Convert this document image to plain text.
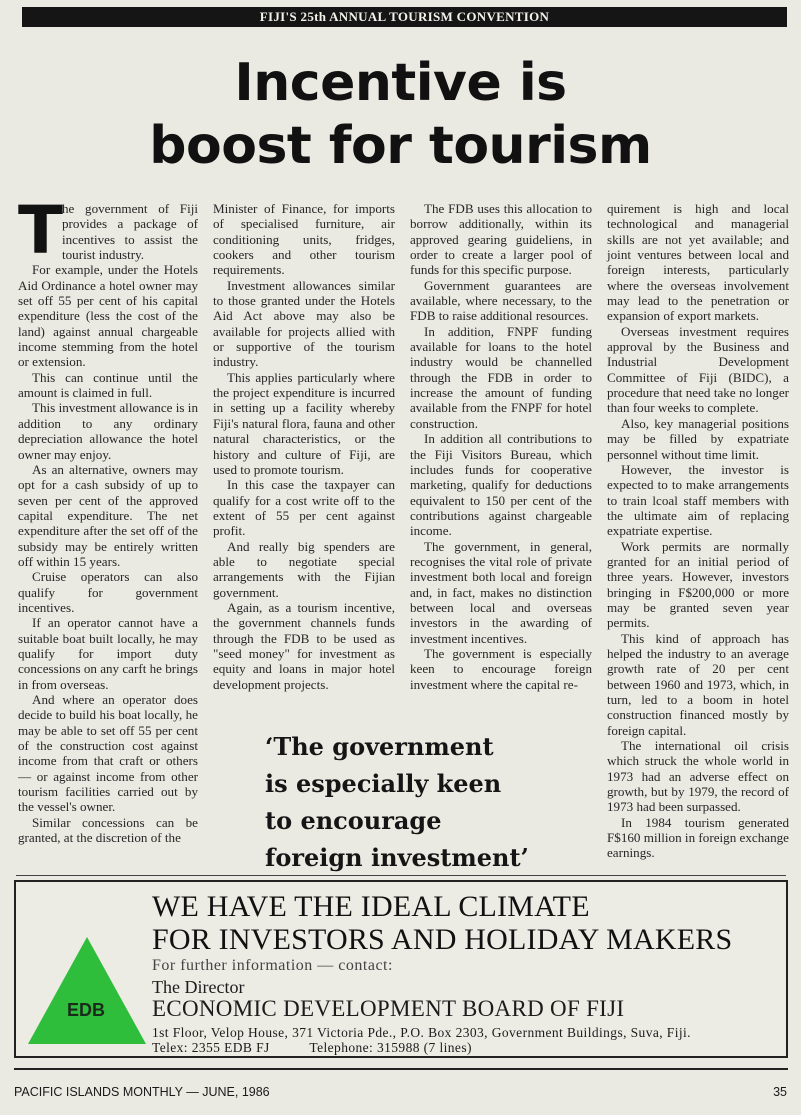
FIJI'S 25th ANNUAL TOURISM CONVENTION
Incentive is
boost for tourism
T

he government of Fiji provides a package of incentives to assist the tourist industry.

For example, under the Hotels Aid Ordinance a hotel owner may set off 55 per cent of his capital expenditure (less the cost of the land) against annual chargeable income stemming from the hotel or extension.

This can continue until the amount is claimed in full.

This investment allowance is in addition to any ordinary depreciation allowance the hotel owner may enjoy.

As an alternative, owners may opt for a cash subsidy of up to seven per cent of the approved capital expenditure. The net expenditure after the set off of the subsidy may be entirely written off within 15 years.

Cruise operators can also qualify for government incentives.

If an operator cannot have a suitable boat built locally, he may qualify for import duty concessions on any carft he brings in from overseas.

And where an operator does decide to build his boat locally, he may be able to set off 55 per cent of the construction cost against income from that craft or others — or against income from other tourism facilities carried out by the vessel's owner.

Similar concessions can be granted, at the discretion of the

Minister of Finance, for imports of specialised furniture, air conditioning units, fridges, cookers and other tourism requirements.

Investment allowances similar to those granted under the Hotels Aid Act above may also be available for projects allied with or supportive of the tourism industry.

This applies particularly where the project expenditure is incurred in setting up a facility whereby Fiji's natural flora, fauna and other natural characteristics, or the history and culture of Fiji, are used to promote tourism.

In this case the taxpayer can qualify for a cost write off to the extent of 55 per cent against profit.

And really big spenders are able to negotiate special arrangements with the Fijian government.

Again, as a tourism incentive, the government channels funds through the FDB to be used as "seed money" for investment as equity and loans in major hotel development projects.

The FDB uses this allocation to borrow additionally, within its approved gearing guideliens, in order to create a larger pool of funds for this specific purpose.

Government guarantees are available, where necessary, to the FDB to raise additional resources.

In addition, FNPF funding available for loans to the hotel industry would be channelled through the FDB in order to increase the amount of funding available from the FNPF for hotel construction.

In addition all contributions to the Fiji Visitors Bureau, which includes funds for cooperative marketing, qualify for deductions equivalent to 150 per cent of the contributions against chargeable income.

The government, in general, recognises the vital role of private investment both local and foreign and, in fact, makes no distinction between local and overseas investors in the awarding of investment incentives.

The government is especially keen to encourage foreign investment where the capital re-

quirement is high and local technological and managerial skills are not yet available; and joint ventures between local and foreign interests, particularly where the overseas involvement may lead to the penetration or expansion of export markets.

Overseas investment requires approval by the Business and Industrial Development Committee of Fiji (BIDC), a procedure that need take no longer than four weeks to complete.

Also, key managerial positions may be filled by expatriate personnel without time limit.

However, the investor is expected to to make arrangements to train lcoal staff members with the ultimate aim of replacing expatriate expertise.

Work permits are normally granted for an initial period of three years. However, investors bringing in F$200,000 or more may be granted seven year permits.

This kind of approach has helped the industry to an average growth rate of 20 per cent between 1960 and 1973, which, in turn, led to a boom in hotel construction financed mostly by foreign capital.

The international oil crisis which struck the whole world in 1973 had an adverse effect on growth, but by 1979, the record of 1973 had been surpassed.

In 1984 tourism generated F$160 million in foreign exchange earnings.

‘The government
is especially keen
to encourage
foreign investment’
EDB
WE HAVE THE IDEAL CLIMATE
FOR INVESTORS AND HOLIDAY MAKERS
For further information — contact:
The Director
ECONOMIC DEVELOPMENT BOARD OF FIJI
1st Floor, Velop House, 371 Victoria Pde., P.O. Box 2303, Government Buildings, Suva, Fiji.
Telex: 2355 EDB FJ	Telephone: 315988 (7 lines)
PACIFIC ISLANDS MONTHLY — JUNE, 1986	35
